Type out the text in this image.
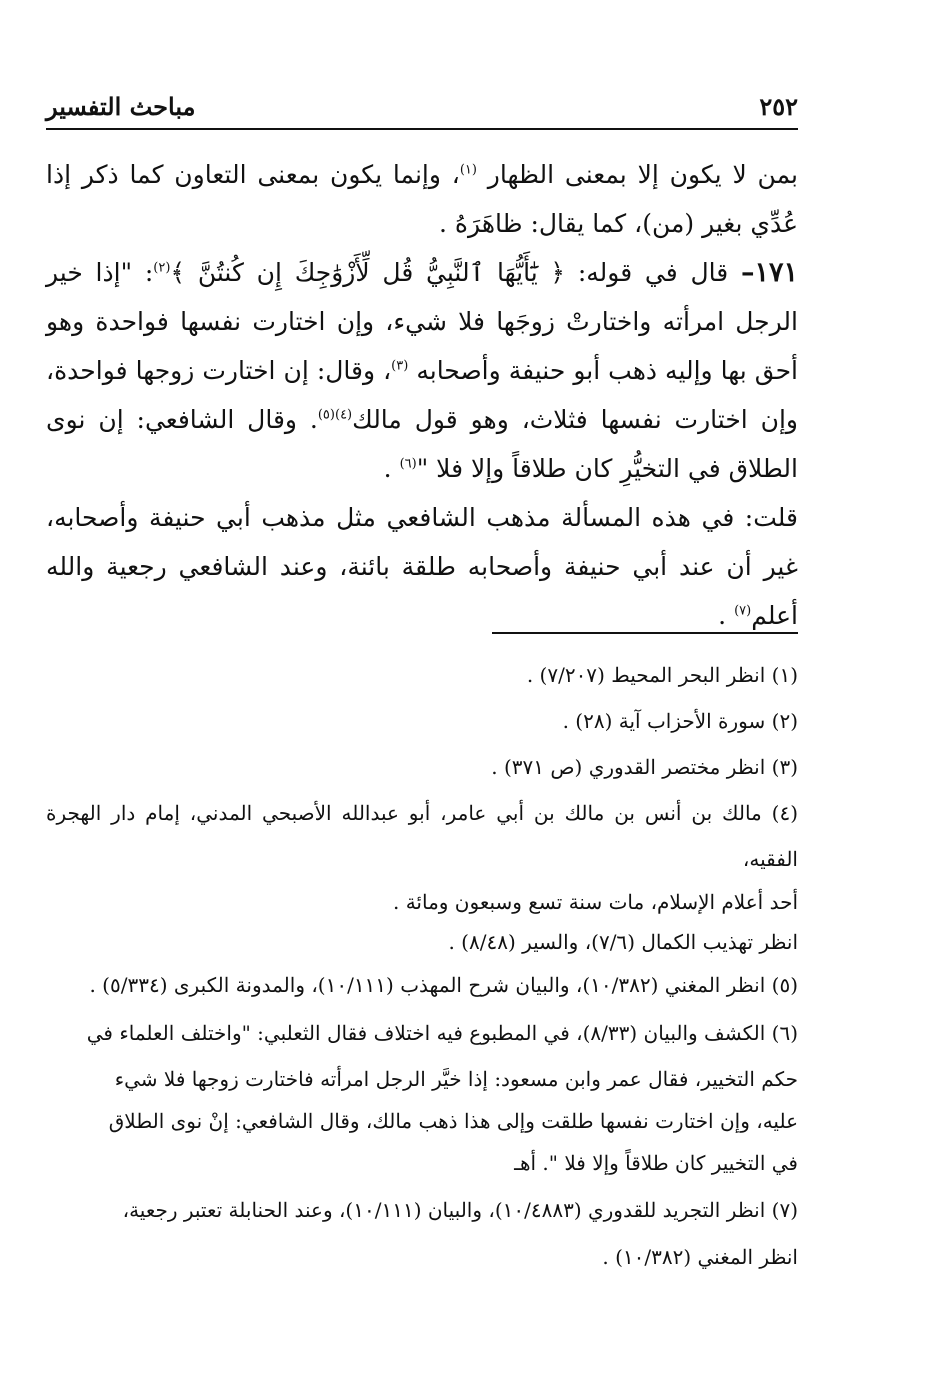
٢٥٢
مباحث التفسير

بمن لا يكون إلا بمعنى الظهار $^{(١)}$، وإنما يكون بمعنى التعاون كما ذكر إذا عُدِّي بغير (من)، كما يقال: ظاهَرَهُ .

١٧١– قال في قوله: ﴿ يَٰٓأَيُّهَا ٱلنَّبِيُّ قُل لِّأَزْوَٰجِكَ إِن كُنتُنَّ ﴾$^{(٢)}$: "إذا خير الرجل امرأته واختارتْ زوجَها فلا شيء، وإن اختارت نفسها فواحدة وهو أحق بها وإليه ذهب أبو حنيفة وأصحابه $^{(٣)}$، وقال: إن اختارت زوجها فواحدة، وإن اختارت نفسها فثلاث، وهو قول مالك$^{(٤)(٥)}$. وقال الشافعي: إن نوى الطلاق في التخيُّرِ كان طلاقاً وإلا فلا "$^{(٦)}$ .

قلت: في هذه المسألة مذهب الشافعي مثل مذهب أبي حنيفة وأصحابه، غير أن عند أبي حنيفة وأصحابه طلقة بائنة، وعند الشافعي رجعية والله أعلم$^{(٧)}$ .

(١) انظر البحر المحيط (٧/٢٠٧) .
(٢) سورة الأحزاب آية (٢٨) .
(٣) انظر مختصر القدوري (ص ٣٧١) .
(٤) مالك بن أنس بن مالك بن أبي عامر، أبو عبدالله الأصبحي المدني، إمام دار الهجرة الفقيه،
أحد أعلام الإسلام، مات سنة تسع وسبعون ومائة .
انظر تهذيب الكمال (٧/٦)، والسير (٨/٤٨) .
(٥) انظر المغني (١٠/٣٨٢)، والبيان شرح المهذب (١٠/١١١)، والمدونة الكبرى (٥/٣٣٤) .
(٦) الكشف والبيان (٨/٣٣)، في المطبوع فيه اختلاف فقال الثعلبي: "واختلف العلماء في
حكم التخيير، فقال عمر وابن مسعود: إذا خيَّر الرجل امرأته فاختارت زوجها فلا شيء
عليه، وإن اختارت نفسها طلقت وإلى هذا ذهب مالك، وقال الشافعي: إنْ نوى الطلاق
في التخيير كان طلاقاً وإلا فلا ". أهـ
(٧) انظر التجريد للقدوري (١٠/٤٨٨٣)، والبيان (١٠/١١١)، وعند الحنابلة تعتبر رجعية،
انظر المغني (١٠/٣٨٢) .
